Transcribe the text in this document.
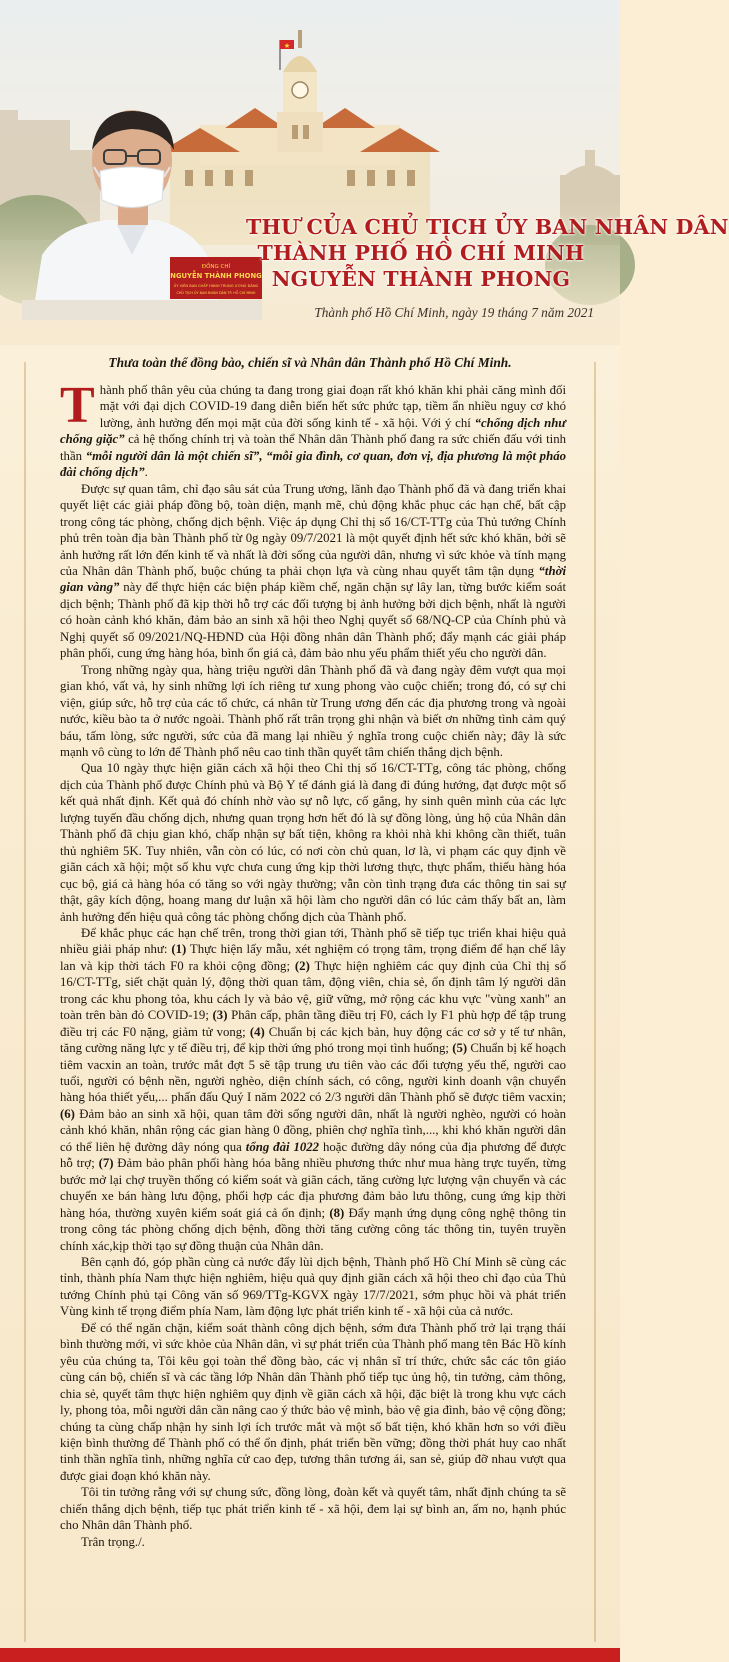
★
ĐỒNG CHÍ
NGUYỄN THÀNH PHONG
ỦY VIÊN BAN CHẤP HÀNH TRUNG ƯƠNG ĐẢNG
CHỦ TỊCH ỦY BAN NHÂN DÂN TP. HỒ CHÍ MINH
THƯ CỦA CHỦ TỊCH ỦY BAN NHÂN DÂN
THÀNH PHỐ HỒ CHÍ MINH
NGUYỄN THÀNH PHONG
Thành phố Hồ Chí Minh, ngày 19 tháng 7 năm 2021
Thưa toàn thể đồng bào, chiến sĩ và Nhân dân Thành phố Hồ Chí Minh.

Thành phố thân yêu của chúng ta đang trong giai đoạn rất khó khăn khi phải căng mình đối mặt với đại dịch COVID-19 đang diễn biến hết sức phức tạp, tiềm ẩn nhiều nguy cơ khó lường, ảnh hưởng đến mọi mặt của đời sống kinh tế - xã hội. Với ý chí “chống dịch như chống giặc” cả hệ thống chính trị và toàn thể Nhân dân Thành phố đang ra sức chiến đấu với tinh thần “mỗi người dân là một chiến sĩ”, “mỗi gia đình, cơ quan, đơn vị, địa phương là một pháo đài chống dịch”.

Được sự quan tâm, chỉ đạo sâu sát của Trung ương, lãnh đạo Thành phố đã và đang triển khai quyết liệt các giải pháp đồng bộ, toàn diện, mạnh mẽ, chủ động khắc phục các hạn chế, bất cập trong công tác phòng, chống dịch bệnh. Việc áp dụng Chỉ thị số 16/CT-TTg của Thủ tướng Chính phủ trên toàn địa bàn Thành phố từ 0g ngày 09/7/2021 là một quyết định hết sức khó khăn, bởi sẽ ảnh hưởng rất lớn đến kinh tế và nhất là đời sống của người dân, nhưng vì sức khỏe và tính mạng của Nhân dân Thành phố, buộc chúng ta phải chọn lựa và cùng nhau quyết tâm tận dụng “thời gian vàng” này để thực hiện các biện pháp kiềm chế, ngăn chặn sự lây lan, từng bước kiểm soát dịch bệnh; Thành phố đã kịp thời hỗ trợ các đối tượng bị ảnh hưởng bởi dịch bệnh, nhất là người có hoàn cảnh khó khăn, đảm bảo an sinh xã hội theo Nghị quyết số 68/NQ-CP của Chính phủ và Nghị quyết số 09/2021/NQ-HĐND của Hội đồng nhân dân Thành phố; đẩy mạnh các giải pháp phân phối, cung ứng hàng hóa, bình ổn giá cả, đảm bảo nhu yếu phẩm thiết yếu cho người dân.

Trong những ngày qua, hàng triệu người dân Thành phố đã và đang ngày đêm vượt qua mọi gian khó, vất vả, hy sinh những lợi ích riêng tư xung phong vào cuộc chiến; trong đó, có sự chi viện, giúp sức, hỗ trợ của các tổ chức, cá nhân từ Trung ương đến các địa phương trong và ngoài nước, kiều bào ta ở nước ngoài. Thành phố rất trân trọng ghi nhận và biết ơn những tình cảm quý báu, tấm lòng, sức người, sức của đã mang lại nhiều ý nghĩa trong cuộc chiến này; đây là sức mạnh vô cùng to lớn để Thành phố nêu cao tinh thần quyết tâm chiến thắng dịch bệnh.

Qua 10 ngày thực hiện giãn cách xã hội theo Chỉ thị số 16/CT-TTg, công tác phòng, chống dịch của Thành phố được Chính phủ và Bộ Y tế đánh giá là đang đi đúng hướng, đạt được một số kết quả nhất định. Kết quả đó chính nhờ vào sự nỗ lực, cố gắng, hy sinh quên mình của các lực lượng tuyến đầu chống dịch, nhưng quan trọng hơn hết đó là sự đồng lòng, ủng hộ của Nhân dân Thành phố đã chịu gian khó, chấp nhận sự bất tiện, không ra khỏi nhà khi không cần thiết, tuân thủ nghiêm 5K. Tuy nhiên, vẫn còn có lúc, có nơi còn chủ quan, lơ là, vi phạm các quy định về giãn cách xã hội; một số khu vực chưa cung ứng kịp thời lương thực, thực phẩm, thiếu hàng hóa cục bộ, giá cả hàng hóa có tăng so với ngày thường; vẫn còn tình trạng đưa các thông tin sai sự thật, gây kích động, hoang mang dư luận xã hội làm cho người dân có lúc cảm thấy bất an, làm ảnh hưởng đến hiệu quả công tác phòng chống dịch của Thành phố.

Để khắc phục các hạn chế trên, trong thời gian tới, Thành phố sẽ tiếp tục triển khai hiệu quả nhiều giải pháp như: (1) Thực hiện lấy mẫu, xét nghiệm có trọng tâm, trọng điểm để hạn chế lây lan và kịp thời tách F0 ra khỏi cộng đồng; (2) Thực hiện nghiêm các quy định của Chỉ thị số 16/CT-TTg, siết chặt quản lý, động thời quan tâm, động viên, chia sẻ, ổn định tâm lý người dân trong các khu phong tỏa, khu cách ly và bảo vệ, giữ vững, mở rộng các khu vực "vùng xanh" an toàn trên bàn đỏ COVID-19; (3) Phân cấp, phân tầng điều trị F0, cách ly F1 phù hợp để tập trung điều trị các F0 nặng, giảm tử vong; (4) Chuẩn bị các kịch bản, huy động các cơ sở y tế tư nhân, tăng cường năng lực y tế điều trị, để kịp thời ứng phó trong mọi tình huống; (5) Chuẩn bị kế hoạch tiêm vacxin an toàn, trước mắt đợt 5 sẽ tập trung ưu tiên vào các đối tượng yếu thế, người cao tuổi, người có bệnh nền, người nghèo, diện chính sách, có công, người kinh doanh vận chuyển hàng hóa thiết yếu,... phấn đấu Quý I năm 2022 có 2/3 người dân Thành phố sẽ được tiêm vacxin; (6) Đảm bảo an sinh xã hội, quan tâm đời sống người dân, nhất là người nghèo, người có hoàn cảnh khó khăn, nhân rộng các gian hàng 0 đồng, phiên chợ nghĩa tình,..., khi khó khăn người dân có thể liên hệ đường dây nóng qua tổng đài 1022 hoặc đường dây nóng của địa phương để được hỗ trợ; (7) Đảm bảo phân phối hàng hóa bằng nhiều phương thức như mua hàng trực tuyến, từng bước mở lại chợ truyền thống có kiểm soát và giãn cách, tăng cường lực lượng vận chuyển và các chuyến xe bán hàng lưu động, phối hợp các địa phương đảm bảo lưu thông, cung ứng kịp thời hàng hóa, thường xuyên kiểm soát giá cả ổn định; (8) Đẩy mạnh ứng dụng công nghệ thông tin trong công tác phòng chống dịch bệnh, đồng thời tăng cường công tác thông tin, tuyên truyền chính xác,kịp thời tạo sự đồng thuận của Nhân dân.

Bên cạnh đó, góp phần cùng cả nước đẩy lùi dịch bệnh, Thành phố Hồ Chí Minh sẽ cùng các tỉnh, thành phía Nam thực hiện nghiêm, hiệu quả quy định giãn cách xã hội theo chỉ đạo của Thủ tướng Chính phủ tại Công văn số 969/TTg-KGVX ngày 17/7/2021, sớm phục hồi và phát triển Vùng kinh tế trọng điểm phía Nam, làm động lực phát triển kinh tế - xã hội của cả nước.

Để có thể ngăn chặn, kiểm soát thành công dịch bệnh, sớm đưa Thành phố trở lại trạng thái bình thường mới, vì sức khỏe của Nhân dân, vì sự phát triển của Thành phố mang tên Bác Hồ kính yêu của chúng ta, Tôi kêu gọi toàn thể đồng bào, các vị nhân sĩ trí thức, chức sắc các tôn giáo cùng cán bộ, chiến sĩ và các tầng lớp Nhân dân Thành phố tiếp tục ủng hộ, tin tưởng, cảm thông, chia sẻ, quyết tâm thực hiện nghiêm quy định về giãn cách xã hội, đặc biệt là trong khu vực cách ly, phong tỏa, mỗi người dân cần nâng cao ý thức bảo vệ mình, bảo vệ gia đình, bảo vệ cộng đồng; chúng ta cùng chấp nhận hy sinh lợi ích trước mắt và một số bất tiện, khó khăn hơn so với điều kiện bình thường để Thành phố có thể ổn định, phát triển bền vững; đồng thời phát huy cao nhất tinh thần nghĩa tình, những nghĩa cử cao đẹp, tương thân tương ái, san sẻ, giúp đỡ nhau vượt qua được giai đoạn khó khăn này.

Tôi tin tưởng rằng với sự chung sức, đồng lòng, đoàn kết và quyết tâm, nhất định chúng ta sẽ chiến thắng dịch bệnh, tiếp tục phát triển kinh tế - xã hội, đem lại sự bình an, ấm no, hạnh phúc cho Nhân dân Thành phố.

Trân trọng./.
